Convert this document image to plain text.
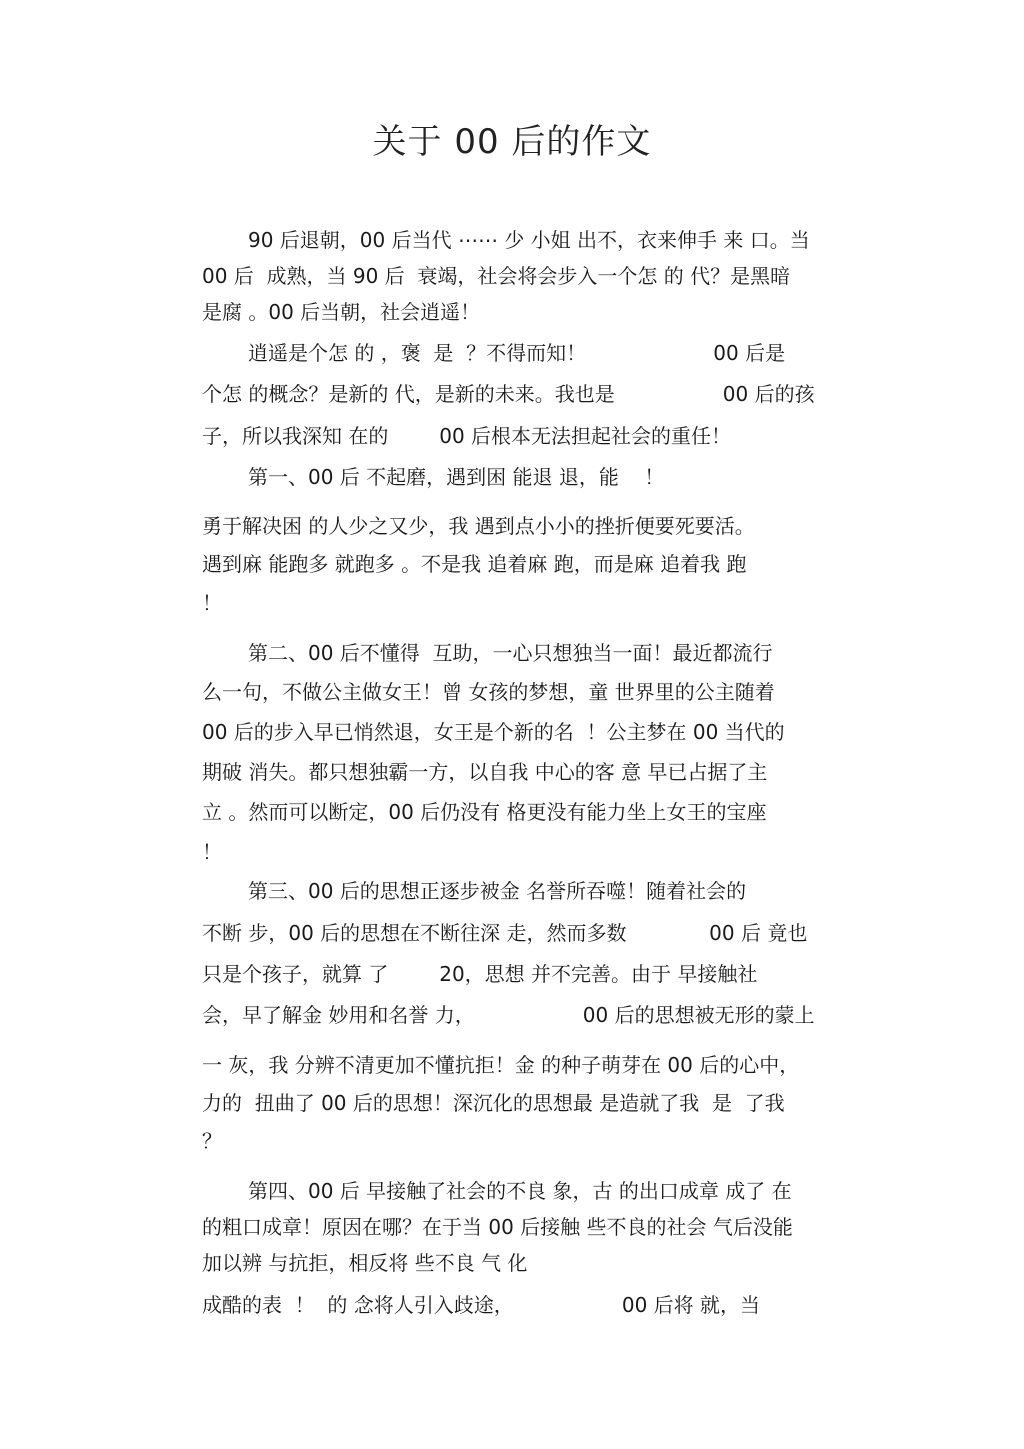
关于 00 后的作文
90 后退朝，00 后当代 ⋯⋯ 少 小姐 出不，衣来伸手 来 口。当
00 后  成熟，当 90 后  衰竭，社会将会步入一个怎 的 代？是黑暗
是腐 。00 后当朝，社会逍遥！
逍遥是个怎 的 ，褒  是  ？不得而知！                    00 后是
个怎 的概念？是新的 代，是新的未来。我也是                 00 后的孩
子，所以我深知 在的        00 后根本无法担起社会的重任！
第一、00 后 不起磨，遇到困 能退 退，能    ！
勇于解决困 的人少之又少，我 遇到点小小的挫折便要死要活。
遇到麻 能跑多 就跑多 。不是我 追着麻 跑，而是麻 追着我 跑
！
第二、00 后不懂得  互助，一心只想独当一面！最近都流行
么一句，不做公主做女王！曾 女孩的梦想，童 世界里的公主随着
00 后的步入早已悄然退，女王是个新的名  ！公主梦在 00 当代的
期破 消失。都只想独霸一方，以自我 中心的客 意 早已占据了主
立 。然而可以断定，00 后仍没有 格更没有能力坐上女王的宝座
！
第三、00 后的思想正逐步被金 名誉所吞噬！随着社会的
不断 步，00 后的思想在不断往深 走，然而多数             00 后 竟也
只是个孩子，就算 了        20，思想 并不完善。由于 早接触社
会，早了解金 妙用和名誉 力，                 00 后的思想被无形的蒙上
一 灰，我 分辨不清更加不懂抗拒！金 的种子萌芽在 00 后的心中，
力的  扭曲了 00 后的思想！深沉化的思想最 是造就了我  是  了我
？
第四、00 后 早接触了社会的不良 象，古 的出口成章 成了 在
的粗口成章！原因在哪？在于当 00 后接触 些不良的社会 气后没能
加以辨 与抗拒，相反将 些不良 气 化
成酷的表  ！  的 念将人引入歧途，                 00 后将 就，当
